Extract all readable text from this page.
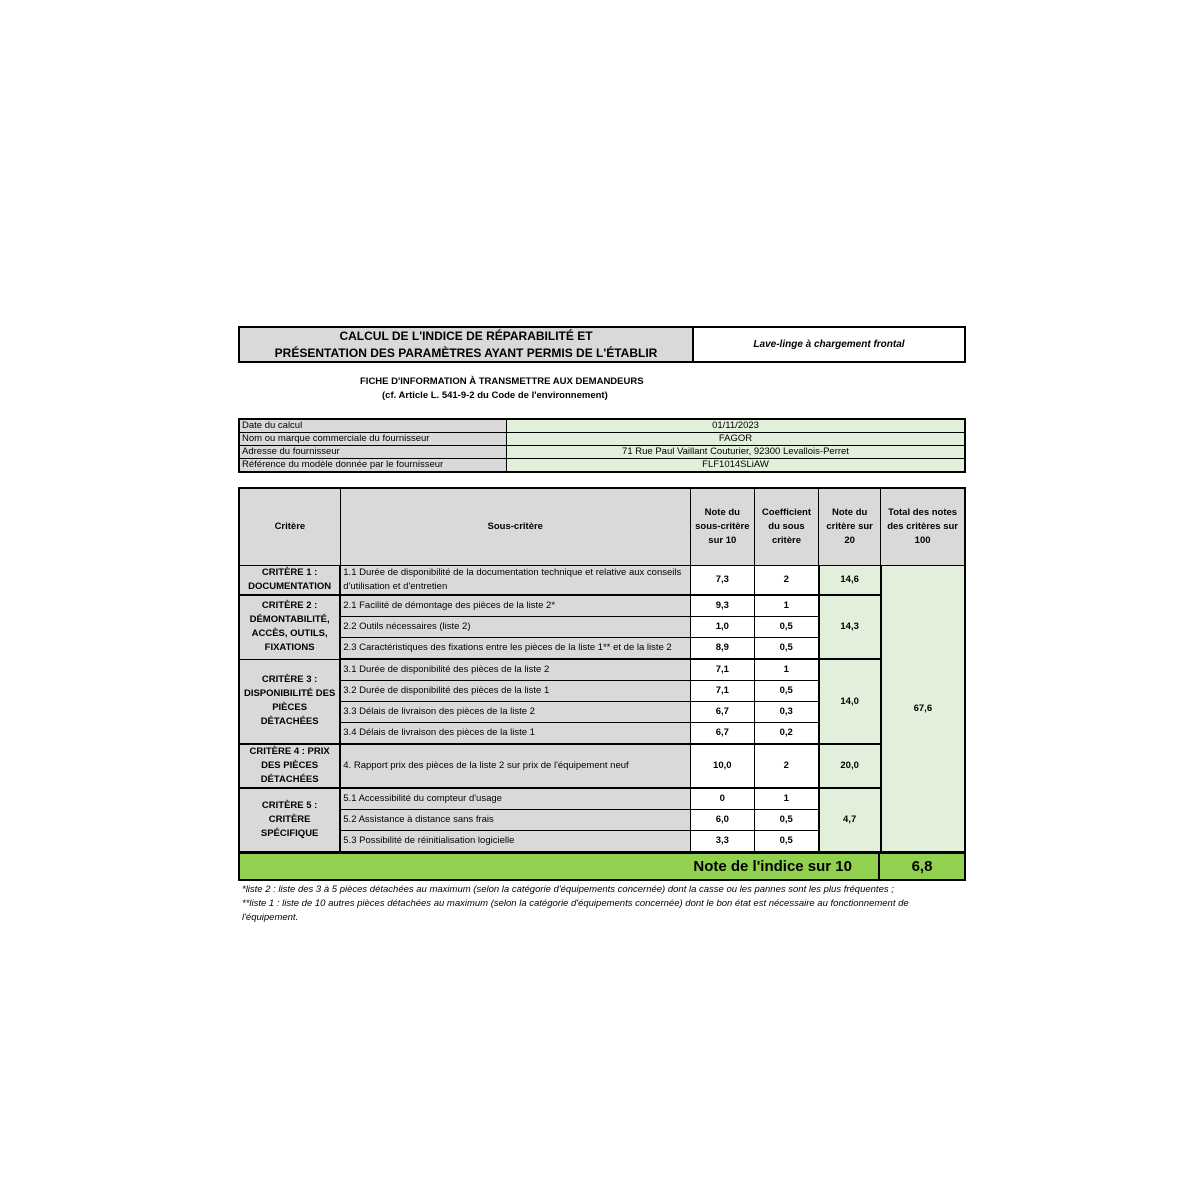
CALCUL DE L'INDICE DE RÉPARABILITÉ ET
PRÉSENTATION DES PARAMÈTRES AYANT PERMIS DE L'ÉTABLIR
Lave-linge à chargement frontal
FICHE D'INFORMATION À TRANSMETTRE AUX DEMANDEURS
(cf. Article L. 541-9-2 du Code de l'environnement)
Date du calcul	01/11/2023
Nom ou marque commerciale du fournisseur	FAGOR
Adresse du fournisseur	71 Rue Paul Vaillant Couturier, 92300 Levallois-Perret
Référence du modèle donnée par le fournisseur	FLF1014SLiAW
Critère	Sous-critère	Note du sous-critère sur 10	Coefficient du sous critère	Note du critère sur 20	Total des notes des critères sur 100
CRITÈRE 1 : DOCUMENTATION	1.1 Durée de disponibilité de la documentation technique et relative aux conseils d'utilisation et d'entretien	7,3	2	14,6	67,6
CRITÈRE 2 : DÉMONTABILITÉ, ACCÈS, OUTILS, FIXATIONS	2.1 Facilité de démontage des pièces de la liste 2*	9,3	1	14,3	
	2.2 Outils nécessaires (liste 2)	1,0	0,5		
	2.3 Caractéristiques des fixations entre les pièces de la liste 1** et de la liste 2	8,9	0,5		
CRITÈRE 3 : DISPONIBILITÉ DES PIÈCES DÉTACHÉES	3.1 Durée de disponibilité des pièces de la liste 2	7,1	1	14,0	
	3.2 Durée de disponibilité des pièces de la liste 1	7,1	0,5		
	3.3 Délais de livraison des pièces de la liste 2	6,7	0,3		
	3.4 Délais de livraison des pièces de la liste 1	6,7	0,2		
CRITÈRE 4 : PRIX DES PIÈCES DÉTACHÉES	4. Rapport prix des pièces de la liste 2 sur prix de l'équipement neuf	10,0	2	20,0	
CRITÈRE 5 : CRITÈRE SPÉCIFIQUE	5.1 Accessibilité du compteur d'usage	0	1	4,7	
	5.2 Assistance à distance sans frais	6,0	0,5		
	5.3 Possibilité de réinitialisation logicielle	3,3	0,5		
Note de l'indice sur 10	6,8
*liste 2 : liste des 3 à 5 pièces détachées au maximum (selon la catégorie d'équipements concernée) dont la casse ou les pannes sont les plus fréquentes ;
**liste 1 : liste de 10 autres pièces détachées au maximum (selon la catégorie d'équipements concernée) dont le bon état est nécessaire au fonctionnement de l'équipement.
